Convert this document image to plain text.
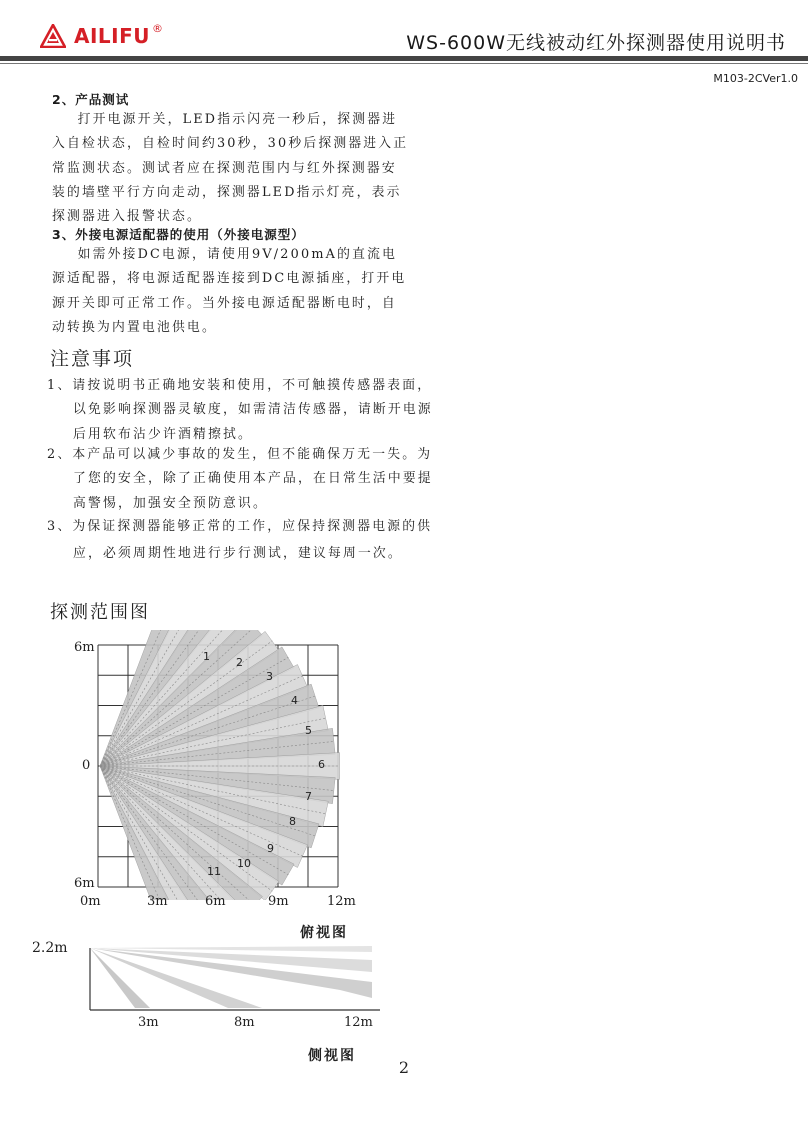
AILIFU ®
WS-600W无线被动红外探测器使用说明书
M103-2CVer1.0
2、产品测试
打开电源开关，LED指示闪亮一秒后，探测器进入自检状态，自检时间约30秒，30秒后探测器进入正常监测状态。测试者应在探测范围内与红外探测器安装的墙壁平行方向走动，探测器LED指示灯亮，表示探测器进入报警状态。
3、外接电源适配器的使用（外接电源型）
如需外接DC电源，请使用9V/200mA的直流电源适配器，将电源适配器连接到DC电源插座，打开电源开关即可正常工作。当外接电源适配器断电时，自动转换为内置电池供电。
注意事项
1、请按说明书正确地安装和使用，不可触摸传感器表面，以免影响探测器灵敏度，如需清洁传感器，请断开电源后用软布沾少许酒精擦拭。
2、本产品可以减少事故的发生，但不能确保万无一失。为了您的安全，除了正确使用本产品，在日常生活中要提高警惕，加强安全预防意识。
3、为保证探测器能够正常的工作，应保持探测器电源的供应，必须周期性地进行步行测试，建议每周一次。
探测范围图
1 2
3
4
5
6
7
8
9
10
11
6m
0
6m
0m	3m	6m	9m	12m
俯视图
2.2m
3m	8m	12m
侧视图
2
